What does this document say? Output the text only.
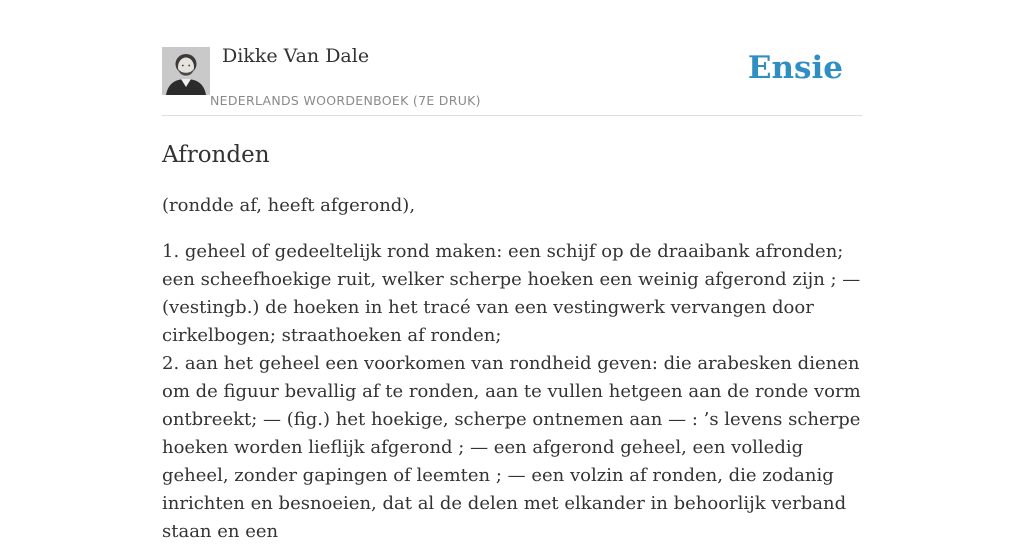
Dikke Van Dale
NEDERLANDS WOORDENBOEK (7E DRUK)
Ensie
Afronden

(rondde af, heeft afgerond),

1. geheel of gedeeltelijk rond maken: een schijf op de draaibank afronden; een scheefhoekige ruit, welker scherpe hoeken een weinig afgerond zijn ; — (vestingb.) de hoeken in het tracé van een vestingwerk vervangen door cirkelbogen; straathoeken af ronden;
2. aan het geheel een voorkomen van rondheid geven: die arabesken dienen om de figuur bevallig af te ronden, aan te vullen hetgeen aan de ronde vorm ontbreekt; — (fig.) het hoekige, scherpe ontnemen aan — : ’s levens scherpe hoeken worden lieflijk afgerond ; — een afgerond geheel, een volledig geheel, zonder gapingen of leemten ; — een volzin af ronden, die zodanig inrichten en besnoeien, dat al de delen met elkander in behoorlijk verband staan en een
